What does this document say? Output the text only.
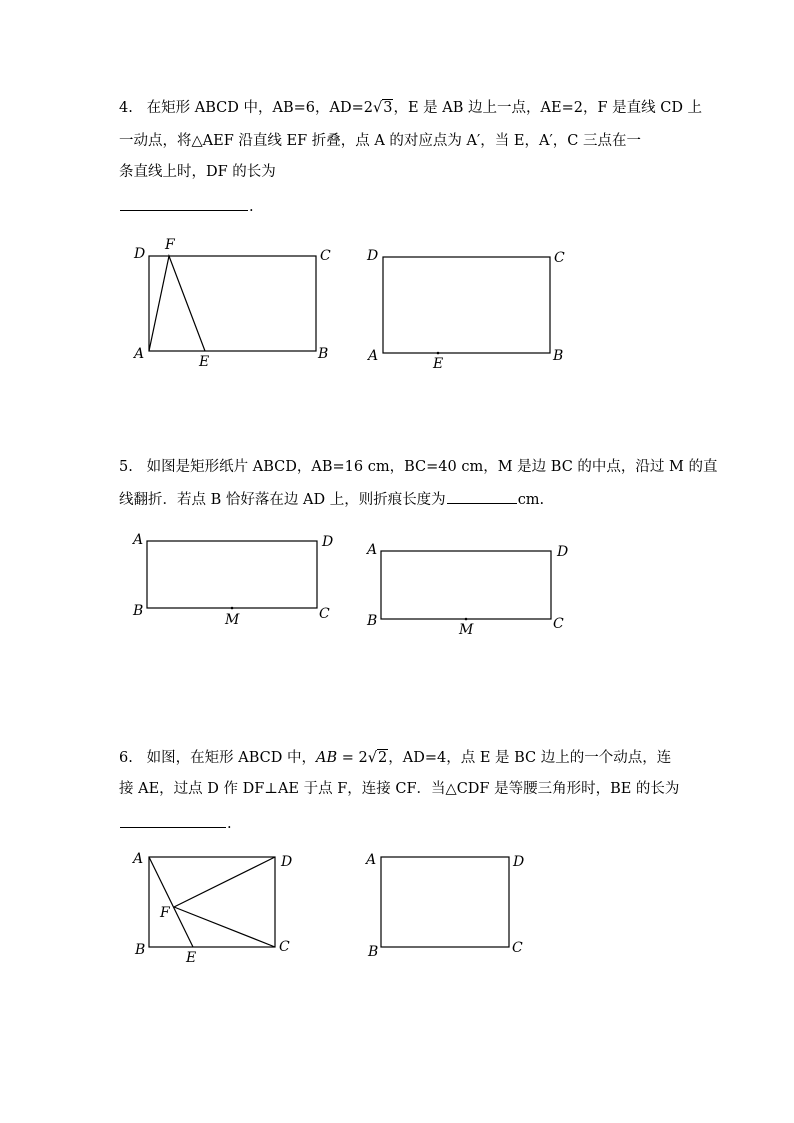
4. 在矩形 ABCD 中，AB=6，AD=2√3，E 是 AB 边上一点，AE=2，F 是直线 CD 上
一动点，将△AEF 沿直线 EF 折叠，点 A 的对应点为 A′，当 E，A′，C 三点在一
条直线上时，DF 的长为
.
5. 如图是矩形纸片 ABCD，AB=16 cm，BC=40 cm，M 是边 BC 的中点，沿过 M 的直
线翻折．若点 B 恰好落在边 AD 上，则折痕长度为	cm.
6. 如图，在矩形 ABCD 中，AB = 2√2，AD=4，点 E 是 BC 边上的一个动点，连
接 AE，过点 D 作 DF⊥AE 于点 F，连接 CF．当△CDF 是等腰三角形时，BE 的长为
.
D
F
C
A	E	B
D	C
A	E	B
A	D
B
M	C
A	D
B
M	C
A	D
F
B	E
C
A	D
B	C
